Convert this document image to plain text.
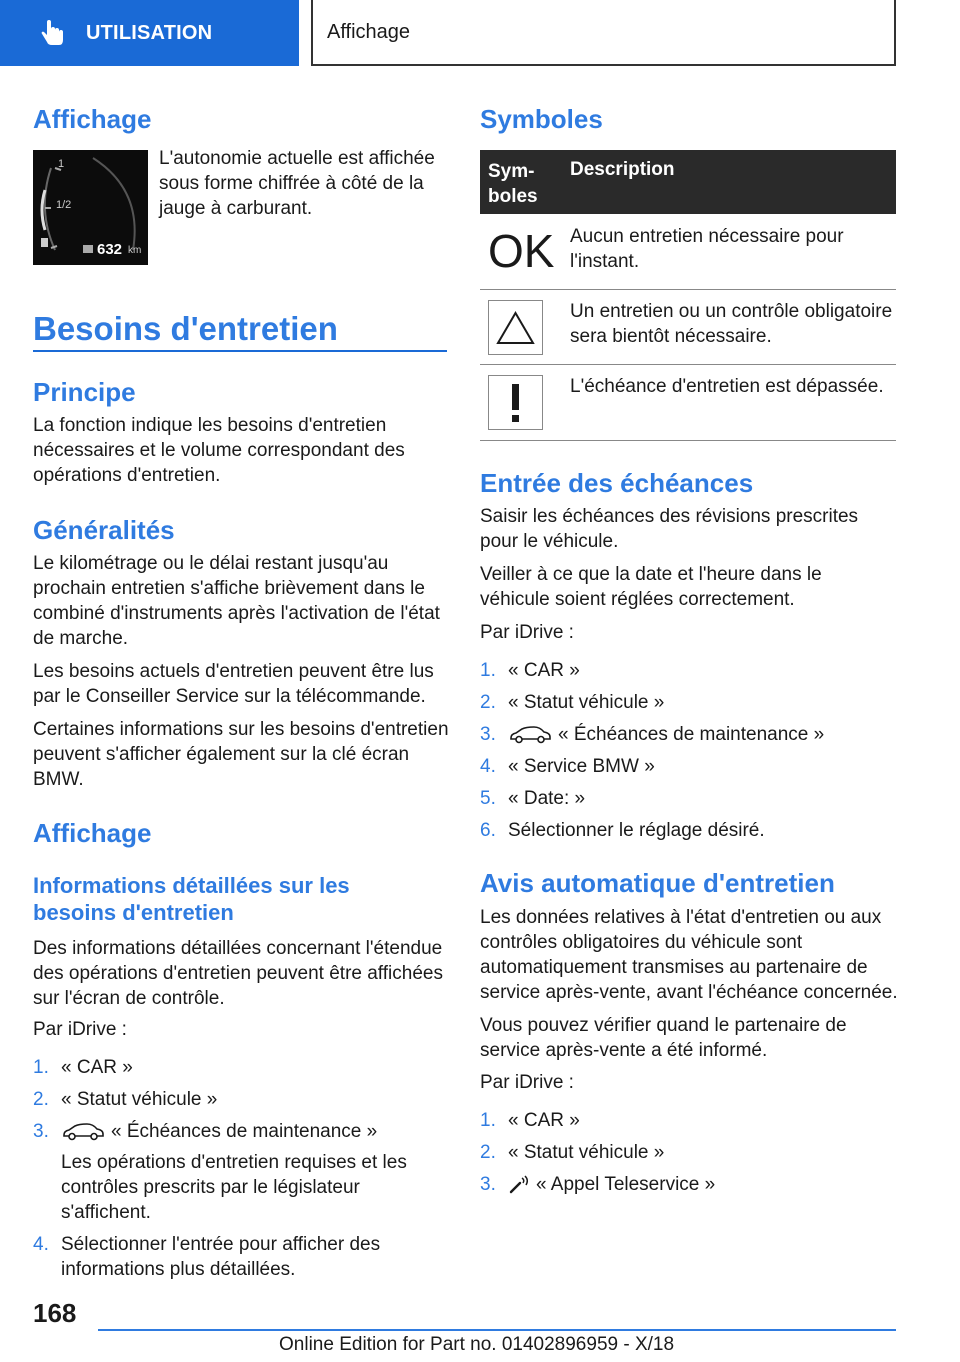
UTILISATION	Affichage
Affichage
1
1/2
632 km

L'autonomie actuelle est affichée sous forme chiffrée à côté de la jauge à carburant.

Besoins d'entretien
Principe

La fonction indique les besoins d'entretien nécessaires et le volume correspondant des opérations d'entretien.

Généralités

Le kilométrage ou le délai restant jusqu'au prochain entretien s'affiche brièvement dans le combiné d'instruments après l'activation de l'état de marche.

Les besoins actuels d'entretien peuvent être lus par le Conseiller Service sur la télécommande.

Certaines informations sur les besoins d'entretien peuvent s'afficher également sur la clé écran BMW.

Affichage
Informations détaillées sur les besoins d'entretien

Des informations détaillées concernant l'étendue des opérations d'entretien peuvent être affichées sur l'écran de contrôle.

Par iDrive :

1. « CAR »
2. « Statut véhicule »
3.	« Échéances de maintenance »
Les opérations d'entretien requises et les contrôles prescrits par le législateur s'affichent.
4. Sélectionner l'entrée pour afficher des informations plus détaillées.
Symboles
Sym-boles
Description
OK Aucun entretien nécessaire pour l'instant.
Un entretien ou un contrôle obligatoire sera bientôt nécessaire.
L'échéance d'entretien est dépassée.
Entrée des échéances

Saisir les échéances des révisions prescrites pour le véhicule.

Veiller à ce que la date et l'heure dans le véhicule soient réglées correctement.

Par iDrive :

1. « CAR »
2. « Statut véhicule »
3.	« Échéances de maintenance »
4. « Service BMW »
5. « Date: »
6. Sélectionner le réglage désiré.
Avis automatique d'entretien

Les données relatives à l'état d'entretien ou aux contrôles obligatoires du véhicule sont automatiquement transmises au partenaire de service après-vente, avant l'échéance concernée.

Vous pouvez vérifier quand le partenaire de service après-vente a été informé.

Par iDrive :

1. « CAR »
2. « Statut véhicule »
3. « Appel Teleservice »
168
Online Edition for Part no. 01402896959 - X/18
